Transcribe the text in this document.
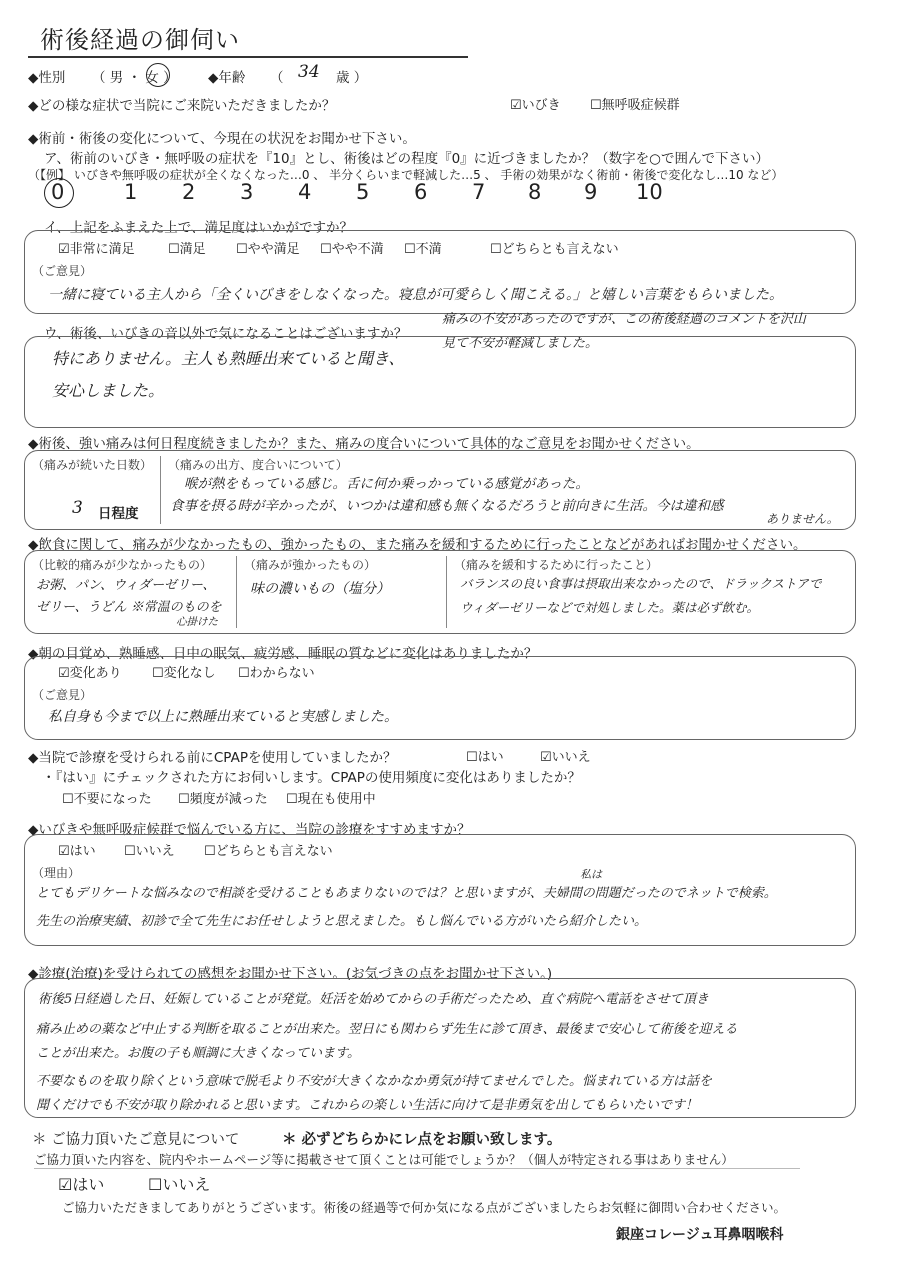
術後経過の御伺い
◆性別 （ 男 ・ 女 ） ◆年齢 （ 34 歳 ）
◆どの様な症状で当院にご来院いただきましたか？	☑いびき ☐無呼吸症候群
◆術前・術後の変化について、今現在の状況をお聞かせ下さい。
ア、術前のいびき・無呼吸の症状を『10』とし、術後はどの程度『0』に近づきましたか？（数字を○で囲んで下さい）
（【例】 いびきや無呼吸の症状が全くなくなった…0 、 半分くらいまで軽減した…5 、 手術の効果がなく術前・術後で変化なし…10 など）
0	1 2 3 4 5 6 7 8 9 10
イ、上記をふまえた上で、満足度はいかがですか？
☑非常に満足	☐満足 ☐やや満足 ☐やや不満 ☐不満	☐どちらとも言えない
（ご意見）
一緒に寝ている主人から「全くいびきをしなくなった。寝息が可愛らしく聞こえる。」と嬉しい言葉をもらいました。
ウ、術後、いびきの音以外で気になることはございますか？
痛みの不安があったのですが、この術後経過のコメントを沢山
見て不安が軽減しました。
特にありません。主人も熟睡出来ていると聞き、
安心しました。
◆術後、強い痛みは何日程度続きましたか？また、痛みの度合いについて具体的なご意見をお聞かせください。
（痛みが続いた日数）
3 日程度
（痛みの出方、度合いについて）
喉が熱をもっている感じ。舌に何か乗っかっている感覚があった。
食事を摂る時が辛かったが、いつかは違和感も無くなるだろうと前向きに生活。今は違和感
ありません。
◆飲食に関して、痛みが少なかったもの、強かったもの、また痛みを緩和するために行ったことなどがあればお聞かせください。
（比較的痛みが少なかったもの）
お粥、パン、ウィダーゼリー、
ゼリー、うどん ※常温のものを
心掛けた
（痛みが強かったもの）
味の濃いもの（塩分）
（痛みを緩和するために行ったこと）
バランスの良い食事は摂取出来なかったので、ドラックストアで
ウィダーゼリーなどで対処しました。薬は必ず飲む。
◆朝の目覚め、熟睡感、日中の眠気、疲労感、睡眠の質などに変化はありましたか？
☑変化あり ☐変化なし ☐わからない
（ご意見）
私自身も今まで以上に熟睡出来ていると実感しました。
◆当院で診療を受けられる前にCPAPを使用していましたか？	☐はい	☑いいえ
・『はい』にチェックされた方にお伺いします。CPAPの使用頻度に変化はありましたか？
☐不要になった ☐頻度が減った ☐現在も使用中
◆いびきや無呼吸症候群で悩んでいる方に、当院の診療をすすめますか？
☑はい ☐いいえ ☐どちらとも言えない
（理由）	私は
とてもデリケートな悩みなので相談を受けることもあまりないのでは？と思いますが、夫婦間の問題だったのでネットで検索。
先生の治療実績、初診で全て先生にお任せしようと思えました。もし悩んでいる方がいたら紹介したい。
◆診療(治療)を受けられての感想をお聞かせ下さい。(お気づきの点をお聞かせ下さい。)
術後5日経過した日、妊娠していることが発覚。妊活を始めてからの手術だったため、直ぐ病院へ電話をさせて頂き
痛み止めの薬など中止する判断を取ることが出来た。翌日にも関わらず先生に診て頂き、最後まで安心して術後を迎える
ことが出来た。お腹の子も順調に大きくなっています。
不要なものを取り除くという意味で脱毛より不安が大きくなかなか勇気が持てませんでした。悩まれている方は話を
聞くだけでも不安が取り除かれると思います。これからの楽しい生活に向けて是非勇気を出してもらいたいです！
＊ ご協力頂いたご意見について	＊ 必ずどちらかにレ点をお願い致します。
ご協力頂いた内容を、院内やホームページ等に掲載させて頂くことは可能でしょうか？（個人が特定される事はありません）
☑はい	☐いいえ
ご協力いただきましてありがとうございます。術後の経過等で何か気になる点がございましたらお気軽に御問い合わせください。
銀座コレージュ耳鼻咽喉科
